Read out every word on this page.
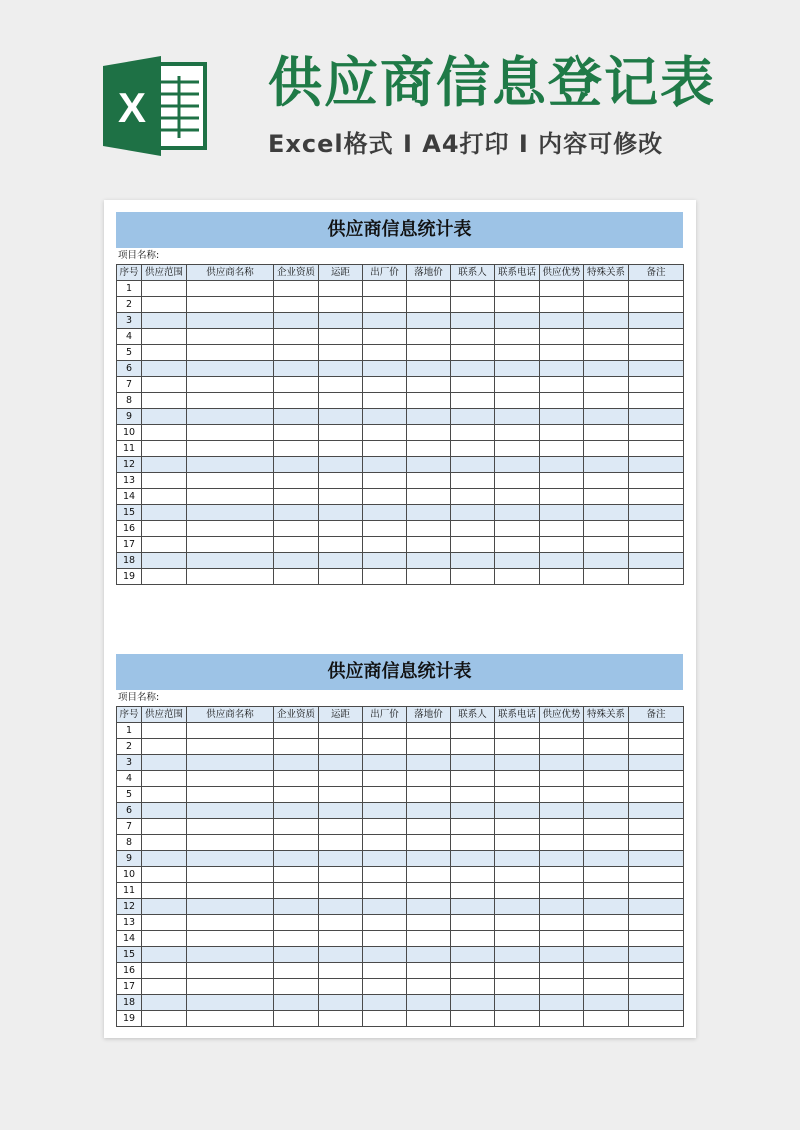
X 供应商信息登记表
Excel格式 I A4打印 I 内容可修改
供应商信息统计表
项目名称:
序号	供应范围	供应商名称	企业资质	运距	出厂价	落地价	联系人	联系电话	供应优势	特殊关系	备注
1											
2											
3											
4											
5											
6											
7											
8											
9											
10											
11											
12											
13											
14											
15											
16											
17											
18											
19											
供应商信息统计表
项目名称:
序号	供应范围	供应商名称	企业资质	运距	出厂价	落地价	联系人	联系电话	供应优势	特殊关系	备注
1											
2											
3											
4											
5											
6											
7											
8											
9											
10											
11											
12											
13											
14											
15											
16											
17											
18											
19											
